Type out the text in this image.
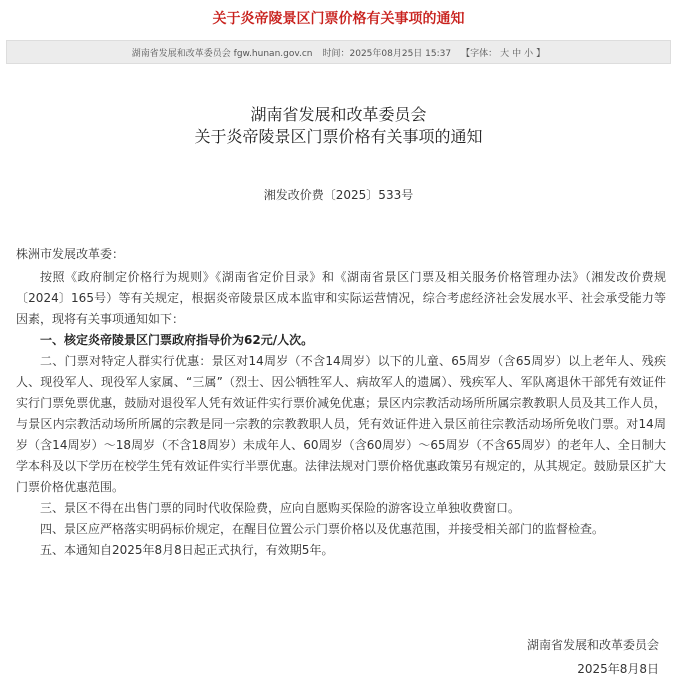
关于炎帝陵景区门票价格有关事项的通知
湖南省发展和改革委员会 fgw.hunan.gov.cn 时间：2025年08月25日 15:37 【字体： 大 中 小 】
湖南省发展和改革委员会
关于炎帝陵景区门票价格有关事项的通知
湘发改价费〔2025〕533号

株洲市发展改革委：

按照《政府制定价格行为规则》《湖南省定价目录》和《湖南省景区门票及相关服务价格管理办法》（湘发改价费规〔2024〕165号）等有关规定，根据炎帝陵景区成本监审和实际运营情况，综合考虑经济社会发展水平、社会承受能力等因素，现将有关事项通知如下：

一、核定炎帝陵景区门票政府指导价为62元/人次。

二、门票对特定人群实行优惠：景区对14周岁（不含14周岁）以下的儿童、65周岁（含65周岁）以上老年人、残疾人、现役军人、现役军人家属、“三属”（烈士、因公牺牲军人、病故军人的遗属）、残疾军人、军队离退休干部凭有效证件实行门票免票优惠，鼓励对退役军人凭有效证件实行票价减免优惠；景区内宗教活动场所所属宗教教职人员及其工作人员，与景区内宗教活动场所所属的宗教是同一宗教的宗教教职人员，凭有效证件进入景区前往宗教活动场所免收门票。对14周岁（含14周岁）～18周岁（不含18周岁）未成年人、60周岁（含60周岁）～65周岁（不含65周岁）的老年人、全日制大学本科及以下学历在校学生凭有效证件实行半票优惠。法律法规对门票价格优惠政策另有规定的，从其规定。鼓励景区扩大门票价格优惠范围。

三、景区不得在出售门票的同时代收保险费，应向自愿购买保险的游客设立单独收费窗口。

四、景区应严格落实明码标价规定，在醒目位置公示门票价格以及优惠范围，并接受相关部门的监督检查。

五、本通知自2025年8月8日起正式执行，有效期5年。

湖南省发展和改革委员会
2025年8月8日
